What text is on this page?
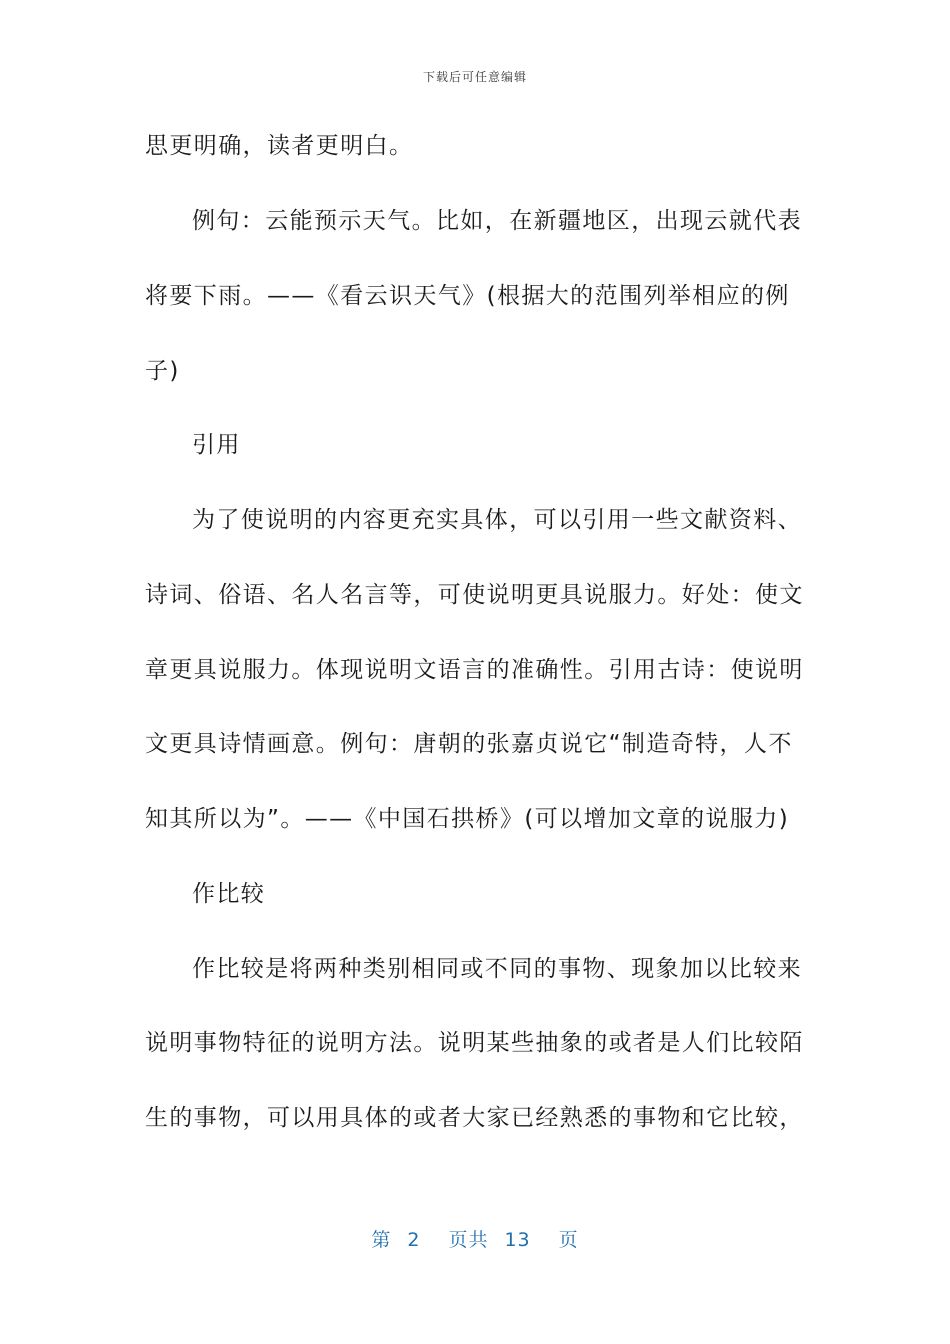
下载后可任意编辑
思更明确，读者更明白。
例句：云能预示天气。比如，在新疆地区，出现云就代表
将要下雨。——《看云识天气》(根据大的范围列举相应的例
子)
引用
为了使说明的内容更充实具体，可以引用一些文献资料、
诗词、俗语、名人名言等，可使说明更具说服力。好处：使文
章更具说服力。体现说明文语言的准确性。引用古诗：使说明
文更具诗情画意。例句：唐朝的张嘉贞说它“制造奇特，人不
知其所以为”。——《中国石拱桥》(可以增加文章的说服力)
作比较
作比较是将两种类别相同或不同的事物、现象加以比较来
说明事物特征的说明方法。说明某些抽象的或者是人们比较陌
生的事物，可以用具体的或者大家已经熟悉的事物和它比较，
第 2 页共 13 页
